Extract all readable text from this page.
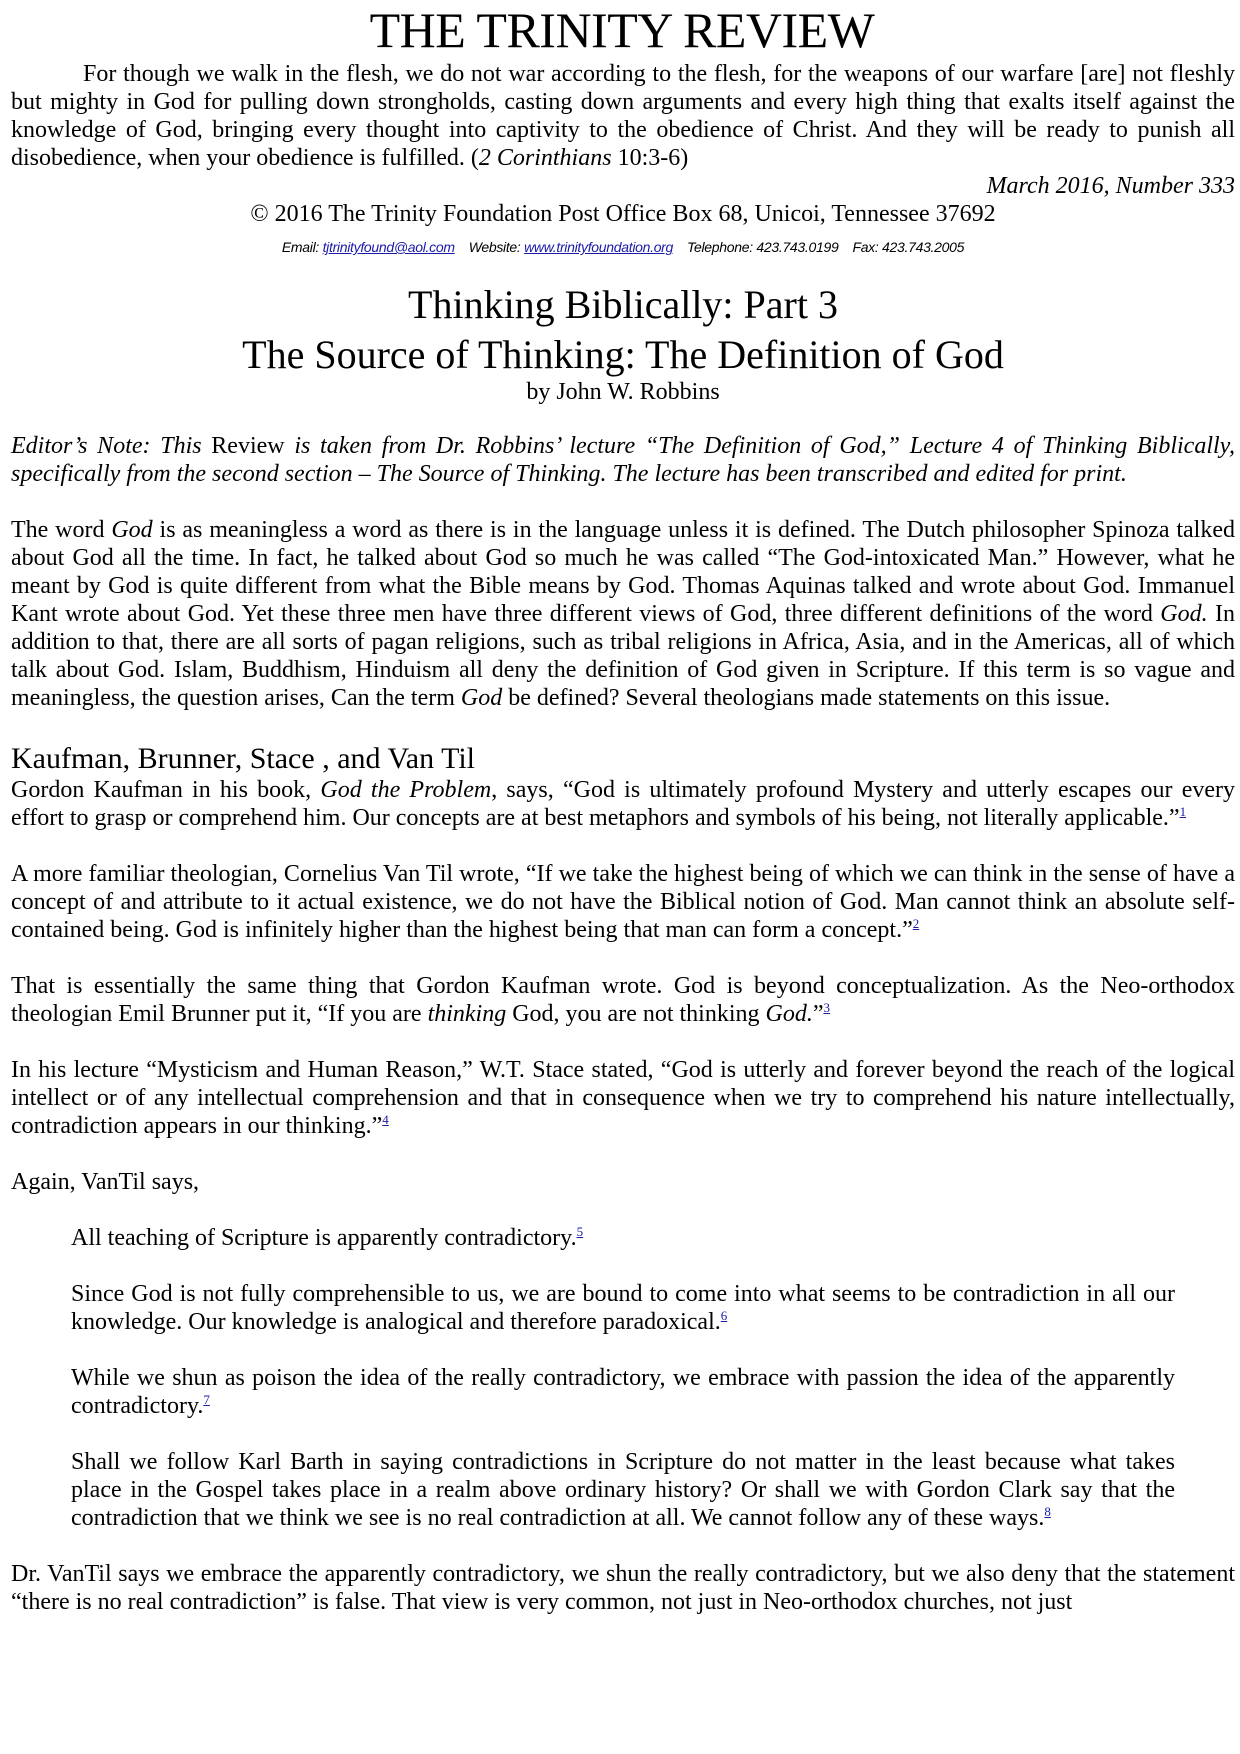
THE TRINITY REVIEW

For though we walk in the flesh, we do not war according to the flesh, for the weapons of our warfare [are] not fleshly but mighty in God for pulling down strongholds, casting down arguments and every high thing that exalts itself against the knowledge of God, bringing every thought into captivity to the obedience of Christ. And they will be ready to punish all disobedience, when your obedience is fulfilled. (2 Corinthians 10:3-6)

March 2016, Number 333
© 2016 The Trinity Foundation Post Office Box 68, Unicoi, Tennessee 37692
Email: tjtrinityfound@aol.com Website: www.trinityfoundation.org Telephone: 423.743.0199 Fax: 423.743.2005
Thinking Biblically: Part 3
The Source of Thinking: The Definition of God
by John W. Robbins

Editor’s Note: This Review is taken from Dr. Robbins’ lecture “The Definition of God,” Lecture 4 of Thinking Biblically, specifically from the second section – The Source of Thinking. The lecture has been transcribed and edited for print.

The word God is as meaningless a word as there is in the language unless it is defined. The Dutch philosopher Spinoza talked about God all the time. In fact, he talked about God so much he was called “The God-intoxicated Man.” However, what he meant by God is quite different from what the Bible means by God. Thomas Aquinas talked and wrote about God. Immanuel Kant wrote about God. Yet these three men have three different views of God, three different definitions of the word God. In addition to that, there are all sorts of pagan religions, such as tribal religions in Africa, Asia, and in the Americas, all of which talk about God. Islam, Buddhism, Hinduism all deny the definition of God given in Scripture. If this term is so vague and meaningless, the question arises, Can the term God be defined? Several theologians made statements on this issue.

Kaufman, Brunner, Stace , and Van Til

Gordon Kaufman in his book, God the Problem, says, “God is ultimately profound Mystery and utterly escapes our every effort to grasp or comprehend him. Our concepts are at best metaphors and symbols of his being, not literally applicable.”$^1$

A more familiar theologian, Cornelius Van Til wrote, “If we take the highest being of which we can think in the sense of have a concept of and attribute to it actual existence, we do not have the Biblical notion of God. Man cannot think an absolute self-contained being. God is infinitely higher than the highest being that man can form a concept.”$^2$

That is essentially the same thing that Gordon Kaufman wrote. God is beyond conceptualization. As the Neo-orthodox theologian Emil Brunner put it, “If you are thinking God, you are not thinking God.”$^3$

In his lecture “Mysticism and Human Reason,” W.T. Stace stated, “God is utterly and forever beyond the reach of the logical intellect or of any intellectual comprehension and that in consequence when we try to comprehend his nature intellectually, contradiction appears in our thinking.”$^4$

Again, VanTil says,

All teaching of Scripture is apparently contradictory.$^5$

Since God is not fully comprehensible to us, we are bound to come into what seems to be contradiction in all our knowledge. Our knowledge is analogical and therefore paradoxical.$^6$

While we shun as poison the idea of the really contradictory, we embrace with passion the idea of the apparently contradictory.$^7$

Shall we follow Karl Barth in saying contradictions in Scripture do not matter in the least because what takes place in the Gospel takes place in a realm above ordinary history? Or shall we with Gordon Clark say that the contradiction that we think we see is no real contradiction at all. We cannot follow any of these ways.$^8$

Dr. VanTil says we embrace the apparently contradictory, we shun the really contradictory, but we also deny that the statement “there is no real contradiction” is false. That view is very common, not just in Neo-orthodox churches, not just
